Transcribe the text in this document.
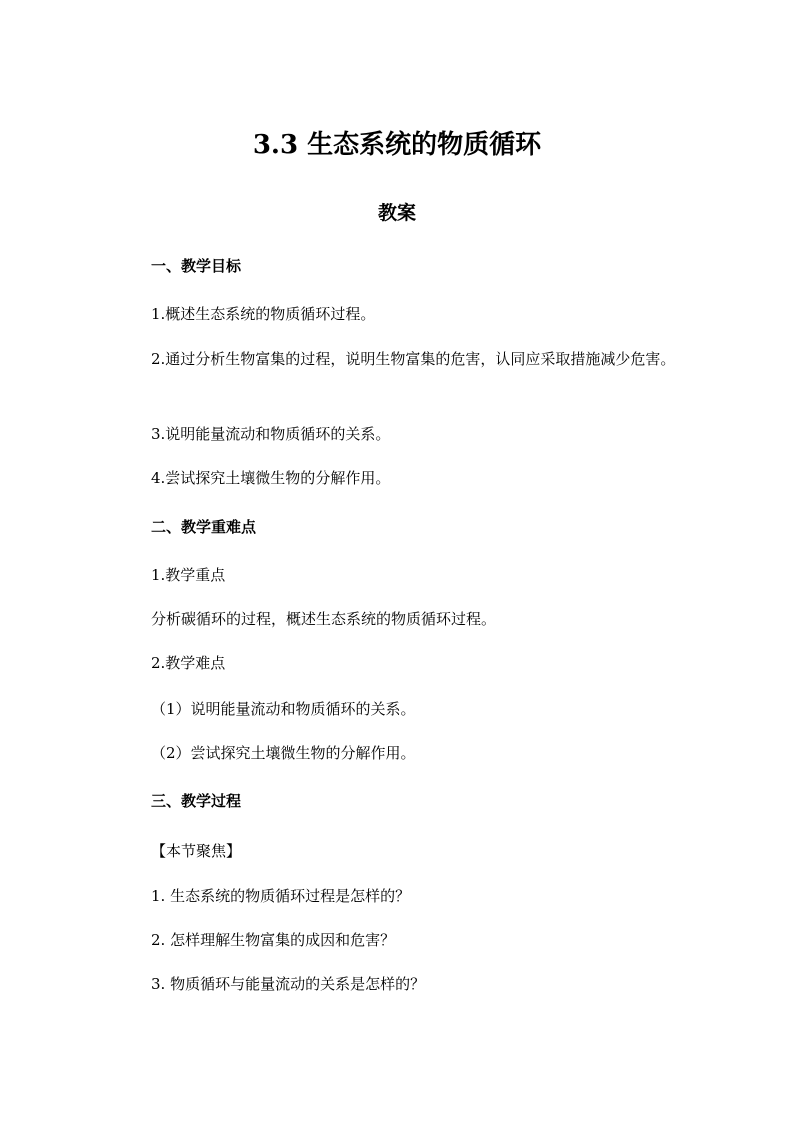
3.3 生态系统的物质循环
教案
一、教学目标
1.概述生态系统的物质循环过程。
2.通过分析生物富集的过程，说明生物富集的危害，认同应采取措施减少危害。
3.说明能量流动和物质循环的关系。
4.尝试探究土壤微生物的分解作用。
二、教学重难点
1.教学重点
分析碳循环的过程，概述生态系统的物质循环过程。
2.教学难点
（1）说明能量流动和物质循环的关系。
（2）尝试探究土壤微生物的分解作用。
三、教学过程
【本节聚焦】
1. 生态系统的物质循环过程是怎样的？
2. 怎样理解生物富集的成因和危害？
3. 物质循环与能量流动的关系是怎样的？
